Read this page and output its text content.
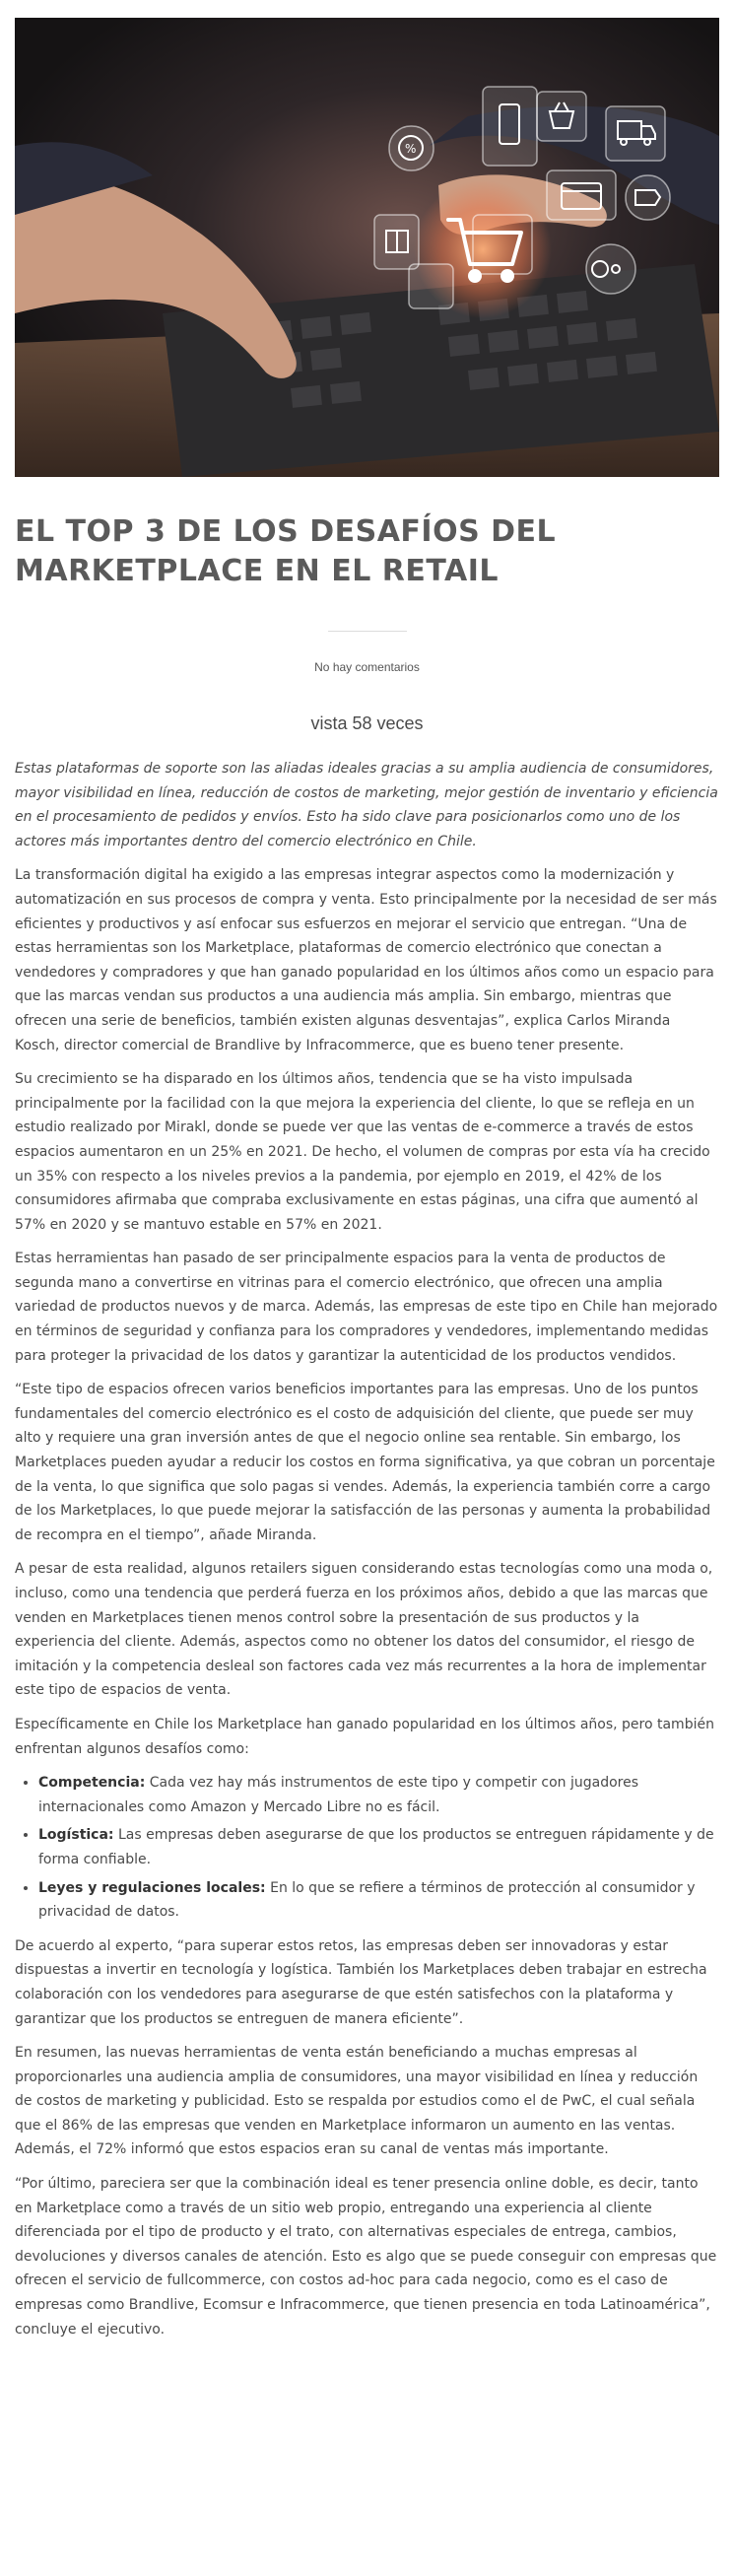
%
EL TOP 3 DE LOS DESAFÍOS DEL MARKETPLACE EN EL RETAIL
No hay comentarios
vista 58 veces

Estas plataformas de soporte son las aliadas ideales gracias a su amplia audiencia de consumidores, mayor visibilidad en línea, reducción de costos de marketing, mejor gestión de inventario y eficiencia en el procesamiento de pedidos y envíos. Esto ha sido clave para posicionarlos como uno de los actores más importantes dentro del comercio electrónico en Chile.

La transformación digital ha exigido a las empresas integrar aspectos como la modernización y automatización en sus procesos de compra y venta. Esto principalmente por la necesidad de ser más eficientes y productivos y así enfocar sus esfuerzos en mejorar el servicio que entregan. “Una de estas herramientas son los Marketplace, plataformas de comercio electrónico que conectan a vendedores y compradores y que han ganado popularidad en los últimos años como un espacio para que las marcas vendan sus productos a una audiencia más amplia. Sin embargo, mientras que ofrecen una serie de beneficios, también existen algunas desventajas”, explica Carlos Miranda Kosch, director comercial de Brandlive by Infracommerce, que es bueno tener presente.

Su crecimiento se ha disparado en los últimos años, tendencia que se ha visto impulsada principalmente por la facilidad con la que mejora la experiencia del cliente, lo que se refleja en un estudio realizado por Mirakl, donde se puede ver que las ventas de e-commerce a través de estos espacios aumentaron en un 25% en 2021. De hecho, el volumen de compras por esta vía ha crecido un 35% con respecto a los niveles previos a la pandemia, por ejemplo en 2019, el 42% de los consumidores afirmaba que compraba exclusivamente en estas páginas, una cifra que aumentó al 57% en 2020 y se mantuvo estable en 57% en 2021.

Estas herramientas han pasado de ser principalmente espacios para la venta de productos de segunda mano a convertirse en vitrinas para el comercio electrónico, que ofrecen una amplia variedad de productos nuevos y de marca. Además, las empresas de este tipo en Chile han mejorado en términos de seguridad y confianza para los compradores y vendedores, implementando medidas para proteger la privacidad de los datos y garantizar la autenticidad de los productos vendidos.

“Este tipo de espacios ofrecen varios beneficios importantes para las empresas. Uno de los puntos fundamentales del comercio electrónico es el costo de adquisición del cliente, que puede ser muy alto y requiere una gran inversión antes de que el negocio online sea rentable. Sin embargo, los Marketplaces pueden ayudar a reducir los costos en forma significativa, ya que cobran un porcentaje de la venta, lo que significa que solo pagas si vendes. Además, la experiencia también corre a cargo de los Marketplaces, lo que puede mejorar la satisfacción de las personas y aumenta la probabilidad de recompra en el tiempo”, añade Miranda.

A pesar de esta realidad, algunos retailers siguen considerando estas tecnologías como una moda o, incluso, como una tendencia que perderá fuerza en los próximos años, debido a que las marcas que venden en Marketplaces tienen menos control sobre la presentación de sus productos y la experiencia del cliente. Además, aspectos como no obtener los datos del consumidor, el riesgo de imitación y la competencia desleal son factores cada vez más recurrentes a la hora de implementar este tipo de espacios de venta.

Específicamente en Chile los Marketplace han ganado popularidad en los últimos años, pero también enfrentan algunos desafíos como:

• Competencia: Cada vez hay más instrumentos de este tipo y competir con jugadores internacionales como Amazon y Mercado Libre no es fácil.
• Logística: Las empresas deben asegurarse de que los productos se entreguen rápidamente y de forma confiable.
• Leyes y regulaciones locales: En lo que se refiere a términos de protección al consumidor y privacidad de datos.

De acuerdo al experto, “para superar estos retos, las empresas deben ser innovadoras y estar dispuestas a invertir en tecnología y logística. También los Marketplaces deben trabajar en estrecha colaboración con los vendedores para asegurarse de que estén satisfechos con la plataforma y garantizar que los productos se entreguen de manera eficiente”.

En resumen, las nuevas herramientas de venta están beneficiando a muchas empresas al proporcionarles una audiencia amplia de consumidores, una mayor visibilidad en línea y reducción de costos de marketing y publicidad. Esto se respalda por estudios como el de PwC, el cual señala que el 86% de las empresas que venden en Marketplace informaron un aumento en las ventas. Además, el 72% informó que estos espacios eran su canal de ventas más importante.

“Por último, pareciera ser que la combinación ideal es tener presencia online doble, es decir, tanto en Marketplace como a través de un sitio web propio, entregando una experiencia al cliente diferenciada por el tipo de producto y el trato, con alternativas especiales de entrega, cambios, devoluciones y diversos canales de atención. Esto es algo que se puede conseguir con empresas que ofrecen el servicio de fullcommerce, con costos ad-hoc para cada negocio, como es el caso de empresas como Brandlive, Ecomsur e Infracommerce, que tienen presencia en toda Latinoamérica”, concluye el ejecutivo.
